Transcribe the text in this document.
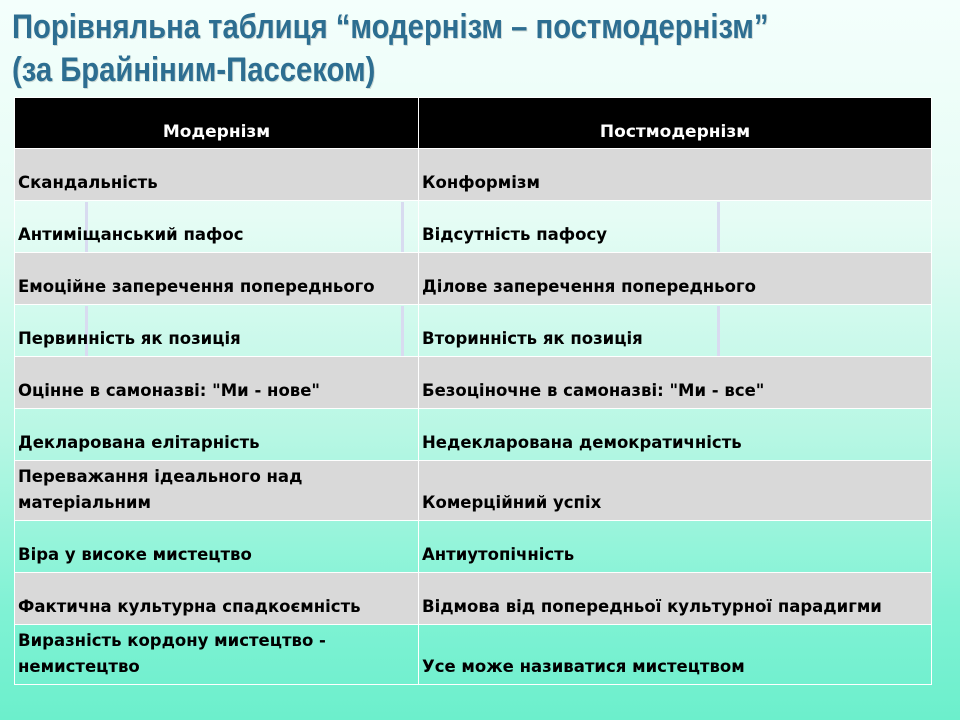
Порівняльна таблиця “модернізм – постмодернізм”
(за Брайніним-Пассеком)
Модернізм	Постмодернізм
Скандальність	Конформізм
Антиміщанський пафос	Відсутність пафосу
Емоційне заперечення попереднього	Ділове заперечення попереднього
Первинність як позиція	Вторинність як позиція
Оцінне в самоназві: "Ми - нове"	Безоціночне в самоназві: "Ми - все"
Декларована елітарність	Недекларована демократичність
Переважання ідеального над матеріальним	Комерційний успіх
Віра у високе мистецтво	Антиутопічність
Фактична культурна спадкоємність	Відмова від попередньої культурної парадигми
Виразність кордону мистецтво - немистецтво	Усе може називатися мистецтвом
